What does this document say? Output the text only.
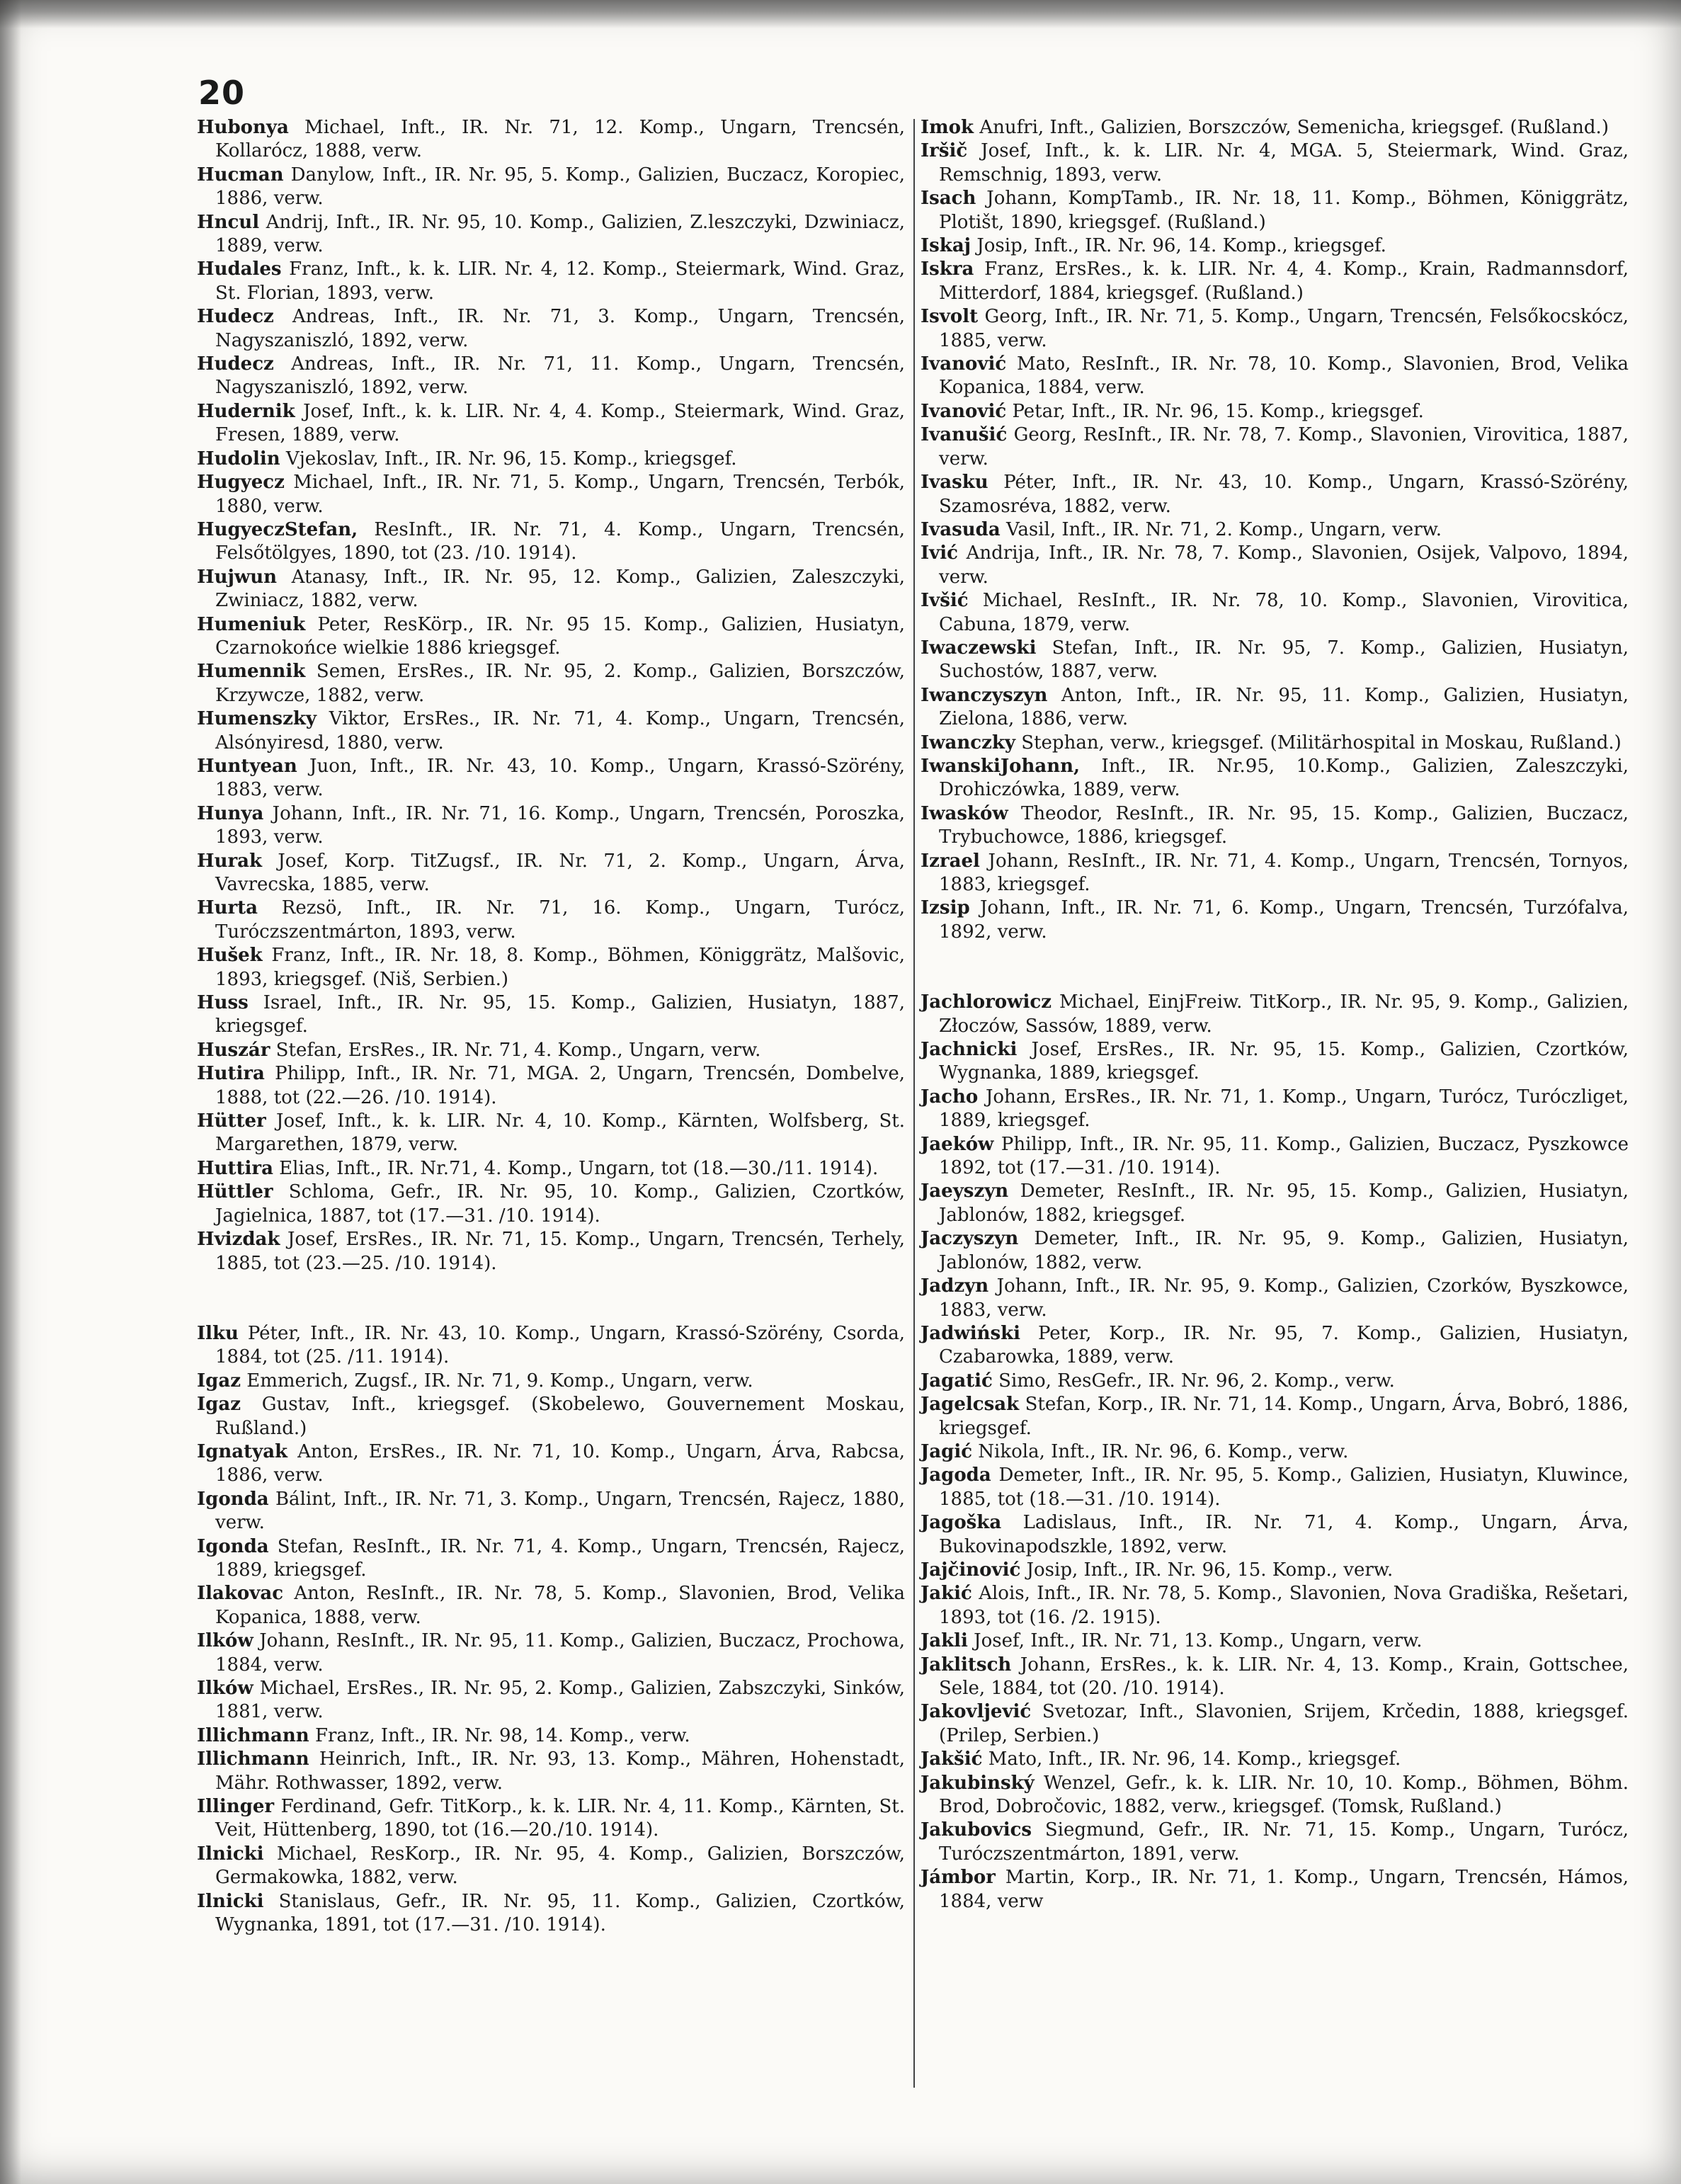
20

Hubonya Michael, Inft., IR. Nr. 71, 12. Komp., Ungarn, Trencsén, Kollarócz, 1888, verw.

Hucman Danylow, Inft., IR. Nr. 95, 5. Komp., Galizien, Buczacz, Koropiec, 1886, verw.

Hncul Andrij, Inft., IR. Nr. 95, 10. Komp., Galizien, Z.leszczyki, Dzwiniacz, 1889, verw.

Hudales Franz, Inft., k. k. LIR. Nr. 4, 12. Komp., Steiermark, Wind. Graz, St. Florian, 1893, verw.

Hudecz Andreas, Inft., IR. Nr. 71, 3. Komp., Ungarn, Trencsén, Nagyszaniszló, 1892, verw.

Hudecz Andreas, Inft., IR. Nr. 71, 11. Komp., Ungarn, Trencsén, Nagyszaniszló, 1892, verw.

Hudernik Josef, Inft., k. k. LIR. Nr. 4, 4. Komp., Steiermark, Wind. Graz, Fresen, 1889, verw.

Hudolin Vjekoslav, Inft., IR. Nr. 96, 15. Komp., kriegsgef.

Hugyecz Michael, Inft., IR. Nr. 71, 5. Komp., Ungarn, Trencsén, Terbók, 1880, verw.

HugyeczStefan, ResInft., IR. Nr. 71, 4. Komp., Ungarn, Trencsén, Felsőtölgyes, 1890, tot (23. /10. 1914).

Hujwun Atanasy, Inft., IR. Nr. 95, 12. Komp., Galizien, Zaleszczyki, Zwiniacz, 1882, verw.

Humeniuk Peter, ResKörp., IR. Nr. 95 15. Komp., Galizien, Husiatyn, Czarnokońce wielkie 1886 kriegsgef.

Humennik Semen, ErsRes., IR. Nr. 95, 2. Komp., Galizien, Borszczów, Krzywcze, 1882, verw.

Humenszky Viktor, ErsRes., IR. Nr. 71, 4. Komp., Ungarn, Trencsén, Alsónyiresd, 1880, verw.

Huntyean Juon, Inft., IR. Nr. 43, 10. Komp., Ungarn, Krassó-Szörény, 1883, verw.

Hunya Johann, Inft., IR. Nr. 71, 16. Komp., Ungarn, Trencsén, Poroszka, 1893, verw.

Hurak Josef, Korp. TitZugsf., IR. Nr. 71, 2. Komp., Ungarn, Árva, Vavrecska, 1885, verw.

Hurta Rezsö, Inft., IR. Nr. 71, 16. Komp., Ungarn, Turócz, Turóczszentmárton, 1893, verw.

Hušek Franz, Inft., IR. Nr. 18, 8. Komp., Böhmen, Königgrätz, Malšovic, 1893, kriegsgef. (Niš, Serbien.)

Huss Israel, Inft., IR. Nr. 95, 15. Komp., Galizien, Husiatyn, 1887, kriegsgef.

Huszár Stefan, ErsRes., IR. Nr. 71, 4. Komp., Ungarn, verw.

Hutira Philipp, Inft., IR. Nr. 71, MGA. 2, Ungarn, Trencsén, Dombelve, 1888, tot (22.—26. /10. 1914).

Hütter Josef, Inft., k. k. LIR. Nr. 4, 10. Komp., Kärnten, Wolfsberg, St. Margarethen, 1879, verw.

Huttira Elias, Inft., IR. Nr.71, 4. Komp., Ungarn, tot (18.—30./11. 1914).

Hüttler Schloma, Gefr., IR. Nr. 95, 10. Komp., Galizien, Czortków, Jagielnica, 1887, tot (17.—31. /10. 1914).

Hvizdak Josef, ErsRes., IR. Nr. 71, 15. Komp., Ungarn, Trencsén, Terhely, 1885, tot (23.—25. /10. 1914).

Ilku Péter, Inft., IR. Nr. 43, 10. Komp., Ungarn, Krassó-Szörény, Csorda, 1884, tot (25. /11. 1914).

Igaz Emmerich, Zugsf., IR. Nr. 71, 9. Komp., Ungarn, verw.

Igaz Gustav, Inft., kriegsgef. (Skobelewo, Gouvernement Moskau, Rußland.)

Ignatyak Anton, ErsRes., IR. Nr. 71, 10. Komp., Ungarn, Árva, Rabcsa, 1886, verw.

Igonda Bálint, Inft., IR. Nr. 71, 3. Komp., Ungarn, Trencsén, Rajecz, 1880, verw.

Igonda Stefan, ResInft., IR. Nr. 71, 4. Komp., Ungarn, Trencsén, Rajecz, 1889, kriegsgef.

Ilakovac Anton, ResInft., IR. Nr. 78, 5. Komp., Slavonien, Brod, Velika Kopanica, 1888, verw.

Ilków Johann, ResInft., IR. Nr. 95, 11. Komp., Galizien, Buczacz, Prochowa, 1884, verw.

Ilków Michael, ErsRes., IR. Nr. 95, 2. Komp., Galizien, Zabszczyki, Sinków, 1881, verw.

Illichmann Franz, Inft., IR. Nr. 98, 14. Komp., verw.

Illichmann Heinrich, Inft., IR. Nr. 93, 13. Komp., Mähren, Hohenstadt, Mähr. Rothwasser, 1892, verw.

Illinger Ferdinand, Gefr. TitKorp., k. k. LIR. Nr. 4, 11. Komp., Kärnten, St. Veit, Hüttenberg, 1890, tot (16.—20./10. 1914).

Ilnicki Michael, ResKorp., IR. Nr. 95, 4. Komp., Galizien, Borszczów, Germakowka, 1882, verw.

Ilnicki Stanislaus, Gefr., IR. Nr. 95, 11. Komp., Galizien, Czortków, Wygnanka, 1891, tot (17.—31. /10. 1914).

Imok Anufri, Inft., Galizien, Borszczów, Semenicha, kriegsgef. (Rußland.)

Iršič Josef, Inft., k. k. LIR. Nr. 4, MGA. 5, Steiermark, Wind. Graz, Remschnig, 1893, verw.

Isach Johann, KompTamb., IR. Nr. 18, 11. Komp., Böhmen, Königgrätz, Plotišt, 1890, kriegsgef. (Rußland.)

Iskaj Josip, Inft., IR. Nr. 96, 14. Komp., kriegsgef.

Iskra Franz, ErsRes., k. k. LIR. Nr. 4, 4. Komp., Krain, Radmannsdorf, Mitterdorf, 1884, kriegsgef. (Rußland.)

Isvolt Georg, Inft., IR. Nr. 71, 5. Komp., Ungarn, Trencsén, Felsőkocskócz, 1885, verw.

Ivanović Mato, ResInft., IR. Nr. 78, 10. Komp., Slavonien, Brod, Velika Kopanica, 1884, verw.

Ivanović Petar, Inft., IR. Nr. 96, 15. Komp., kriegsgef.

Ivanušić Georg, ResInft., IR. Nr. 78, 7. Komp., Slavonien, Virovitica, 1887, verw.

Ivasku Péter, Inft., IR. Nr. 43, 10. Komp., Ungarn, Krassó-Szörény, Szamosréva, 1882, verw.

Ivasuda Vasil, Inft., IR. Nr. 71, 2. Komp., Ungarn, verw.

Ivić Andrija, Inft., IR. Nr. 78, 7. Komp., Slavonien, Osijek, Valpovo, 1894, verw.

Ivšić Michael, ResInft., IR. Nr. 78, 10. Komp., Slavonien, Virovitica, Cabuna, 1879, verw.

Iwaczewski Stefan, Inft., IR. Nr. 95, 7. Komp., Galizien, Husiatyn, Suchostów, 1887, verw.

Iwanczyszyn Anton, Inft., IR. Nr. 95, 11. Komp., Galizien, Husiatyn, Zielona, 1886, verw.

Iwanczky Stephan, verw., kriegsgef. (Militärhospital in Moskau, Rußland.)

IwanskiJohann, Inft., IR. Nr.95, 10.Komp., Galizien, Zaleszczyki, Drohiczówka, 1889, verw.

Iwasków Theodor, ResInft., IR. Nr. 95, 15. Komp., Galizien, Buczacz, Trybuchowce, 1886, kriegsgef.

Izrael Johann, ResInft., IR. Nr. 71, 4. Komp., Ungarn, Trencsén, Tornyos, 1883, kriegsgef.

Izsip Johann, Inft., IR. Nr. 71, 6. Komp., Ungarn, Trencsén, Turzófalva, 1892, verw.

Jachlorowicz Michael, EinjFreiw. TitKorp., IR. Nr. 95, 9. Komp., Galizien, Złoczów, Sassów, 1889, verw.

Jachnicki Josef, ErsRes., IR. Nr. 95, 15. Komp., Galizien, Czortków, Wygnanka, 1889, kriegsgef.

Jacho Johann, ErsRes., IR. Nr. 71, 1. Komp., Ungarn, Turócz, Turóczliget, 1889, kriegsgef.

Jaeków Philipp, Inft., IR. Nr. 95, 11. Komp., Galizien, Buczacz, Pyszkowce 1892, tot (17.—31. /10. 1914).

Jaeyszyn Demeter, ResInft., IR. Nr. 95, 15. Komp., Galizien, Husiatyn, Jablonów, 1882, kriegsgef.

Jaczyszyn Demeter, Inft., IR. Nr. 95, 9. Komp., Galizien, Husiatyn, Jablonów, 1882, verw.

Jadzyn Johann, Inft., IR. Nr. 95, 9. Komp., Galizien, Czorków, Byszkowce, 1883, verw.

Jadwiński Peter, Korp., IR. Nr. 95, 7. Komp., Galizien, Husiatyn, Czabarowka, 1889, verw.

Jagatić Simo, ResGefr., IR. Nr. 96, 2. Komp., verw.

Jagelcsak Stefan, Korp., IR. Nr. 71, 14. Komp., Ungarn, Árva, Bobró, 1886, kriegsgef.

Jagić Nikola, Inft., IR. Nr. 96, 6. Komp., verw.

Jagoda Demeter, Inft., IR. Nr. 95, 5. Komp., Galizien, Husiatyn, Kluwince, 1885, tot (18.—31. /10. 1914).

Jagoška Ladislaus, Inft., IR. Nr. 71, 4. Komp., Ungarn, Árva, Bukovinapodszkle, 1892, verw.

Jajčinović Josip, Inft., IR. Nr. 96, 15. Komp., verw.

Jakić Alois, Inft., IR. Nr. 78, 5. Komp., Slavonien, Nova Gradiška, Rešetari, 1893, tot (16. /2. 1915).

Jakli Josef, Inft., IR. Nr. 71, 13. Komp., Ungarn, verw.

Jaklitsch Johann, ErsRes., k. k. LIR. Nr. 4, 13. Komp., Krain, Gottschee, Sele, 1884, tot (20. /10. 1914).

Jakovljević Svetozar, Inft., Slavonien, Srijem, Krčedin, 1888, kriegsgef. (Prilep, Serbien.)

Jakšić Mato, Inft., IR. Nr. 96, 14. Komp., kriegsgef.

Jakubinský Wenzel, Gefr., k. k. LIR. Nr. 10, 10. Komp., Böhmen, Böhm. Brod, Dobročovic, 1882, verw., kriegsgef. (Tomsk, Rußland.)

Jakubovics Siegmund, Gefr., IR. Nr. 71, 15. Komp., Ungarn, Turócz, Turóczszentmárton, 1891, verw.

Jámbor Martin, Korp., IR. Nr. 71, 1. Komp., Ungarn, Trencsén, Hámos, 1884, verw
